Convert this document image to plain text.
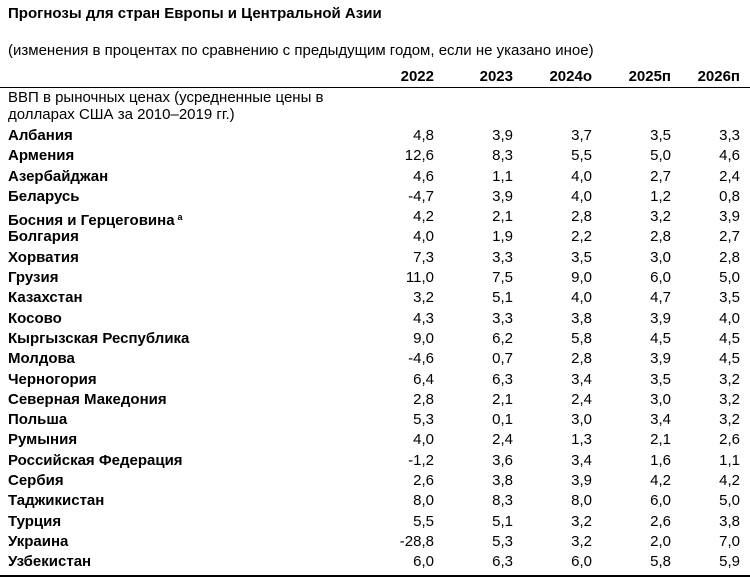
Прогнозы для стран Европы и Центральной Азии
(изменения в процентах по сравнению с предыдущим годом, если не указано иное)
2022	2023	2024о	2025п	2026п
ВВП в рыночных ценах (усредненные цены в долларах США за 2010–2019 гг.)
Албания	4,8	3,9	3,7	3,5	3,3
Армения	12,6	8,3	5,5	5,0	4,6
Азербайджан	4,6	1,1	4,0	2,7	2,4
Беларусь	-4,7	3,9	4,0	1,2	0,8
Босния и Герцеговина $^a$	4,2	2,1	2,8	3,2	3,9
Болгария	4,0	1,9	2,2	2,8	2,7
Хорватия	7,3	3,3	3,5	3,0	2,8
Грузия	11,0	7,5	9,0	6,0	5,0
Казахстан	3,2	5,1	4,0	4,7	3,5
Косово	4,3	3,3	3,8	3,9	4,0
Кыргызская Республика	9,0	6,2	5,8	4,5	4,5
Молдова	-4,6	0,7	2,8	3,9	4,5
Черногория	6,4	6,3	3,4	3,5	3,2
Северная Македония	2,8	2,1	2,4	3,0	3,2
Польша	5,3	0,1	3,0	3,4	3,2
Румыния	4,0	2,4	1,3	2,1	2,6
Российская Федерация	-1,2	3,6	3,4	1,6	1,1
Сербия	2,6	3,8	3,9	4,2	4,2
Таджикистан	8,0	8,3	8,0	6,0	5,0
Турция	5,5	5,1	3,2	2,6	3,8
Украина	-28,8	5,3	3,2	2,0	7,0
Узбекистан	6,0	6,3	6,0	5,8	5,9
